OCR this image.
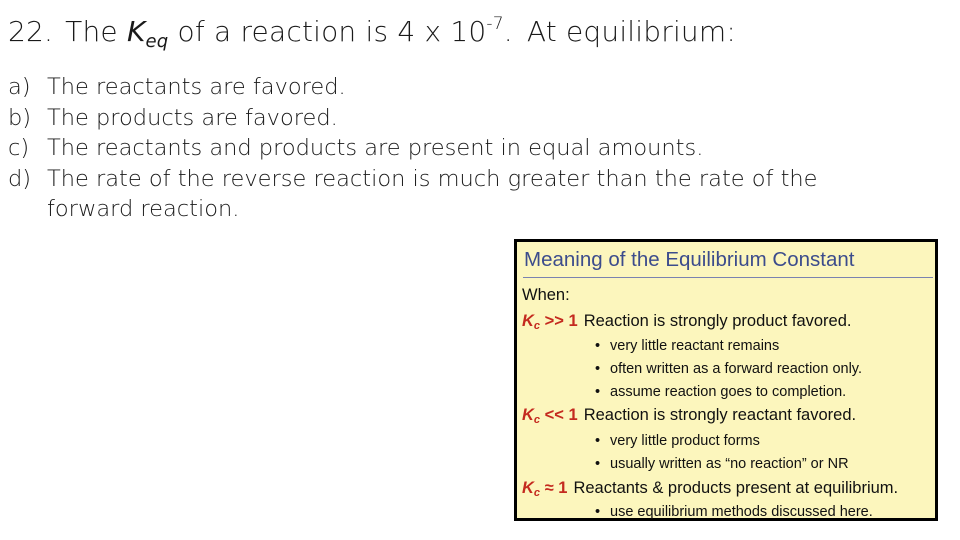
22. The $K_{eq}$ of a reaction is 4 x $10^{-7}$. At equilibrium:
a) The reactants are favored.
b) The products are favored.
c) The reactants and products are present in equal amounts.
d) The rate of the reverse reaction is much greater than the rate of the forward reaction.
Meaning of the Equilibrium Constant
When:
$K_c >> 1$ Reaction is strongly product favored.
• very little reactant remains
• often written as a forward reaction only.
• assume reaction goes to completion.
$K_c << 1$ Reaction is strongly reactant favored.
• very little product forms
• usually written as “no reaction” or NR
$K_c \approx 1$ Reactants & products present at equilibrium.
• use equilibrium methods discussed here.
